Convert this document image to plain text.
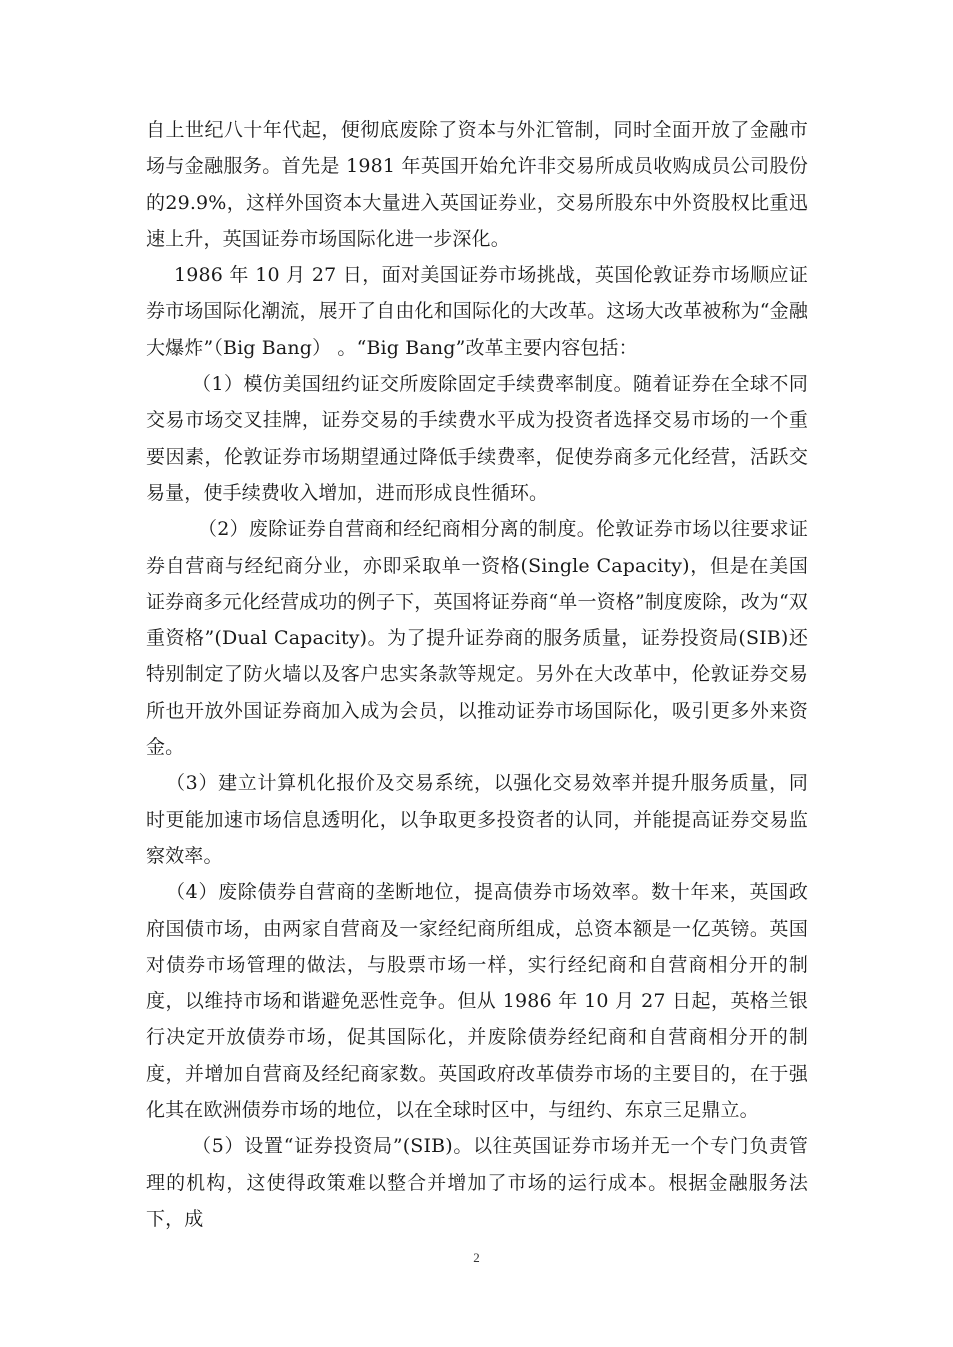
自上世纪八十年代起，便彻底废除了资本与外汇管制，同时全面开放了金融市场与金融服务。首先是 1981 年英国开始允许非交易所成员收购成员公司股份的29.9%，这样外国资本大量进入英国证券业，交易所股东中外资股权比重迅速上升，英国证券市场国际化进一步深化。

1986 年 10 月 27 日，面对美国证券市场挑战，英国伦敦证券市场顺应证券市场国际化潮流，展开了自由化和国际化的大改革。这场大改革被称为“金融大爆炸”（Big Bang） 。“Big Bang”改革主要内容包括：

（1）模仿美国纽约证交所废除固定手续费率制度。随着证券在全球不同交易市场交叉挂牌，证券交易的手续费水平成为投资者选择交易市场的一个重要因素，伦敦证券市场期望通过降低手续费率，促使券商多元化经营，活跃交易量，使手续费收入增加，进而形成良性循环。

（2）废除证券自营商和经纪商相分离的制度。伦敦证券市场以往要求证券自营商与经纪商分业，亦即采取单一资格(Single Capacity)，但是在美国证券商多元化经营成功的例子下，英国将证券商“单一资格”制度废除，改为“双重资格”(Dual Capacity)。为了提升证券商的服务质量，证券投资局(SIB)还特别制定了防火墙以及客户忠实条款等规定。另外在大改革中，伦敦证券交易所也开放外国证券商加入成为会员，以推动证券市场国际化，吸引更多外来资金。

（3）建立计算机化报价及交易系统，以强化交易效率并提升服务质量，同时更能加速市场信息透明化，以争取更多投资者的认同，并能提高证券交易监察效率。

（4）废除债券自营商的垄断地位，提高债券市场效率。数十年来，英国政府国债市场，由两家自营商及一家经纪商所组成，总资本额是一亿英镑。英国对债券市场管理的做法，与股票市场一样，实行经纪商和自营商相分开的制度，以维持市场和谐避免恶性竞争。但从 1986 年 10 月 27 日起，英格兰银行决定开放债券市场，促其国际化，并废除债券经纪商和自营商相分开的制度，并增加自营商及经纪商家数。英国政府改革债券市场的主要目的，在于强化其在欧洲债券市场的地位，以在全球时区中，与纽约、东京三足鼎立。

（5）设置“证券投资局”(SIB)。以往英国证券市场并无一个专门负责管理的机构，这使得政策难以整合并增加了市场的运行成本。根据金融服务法下，成

2
